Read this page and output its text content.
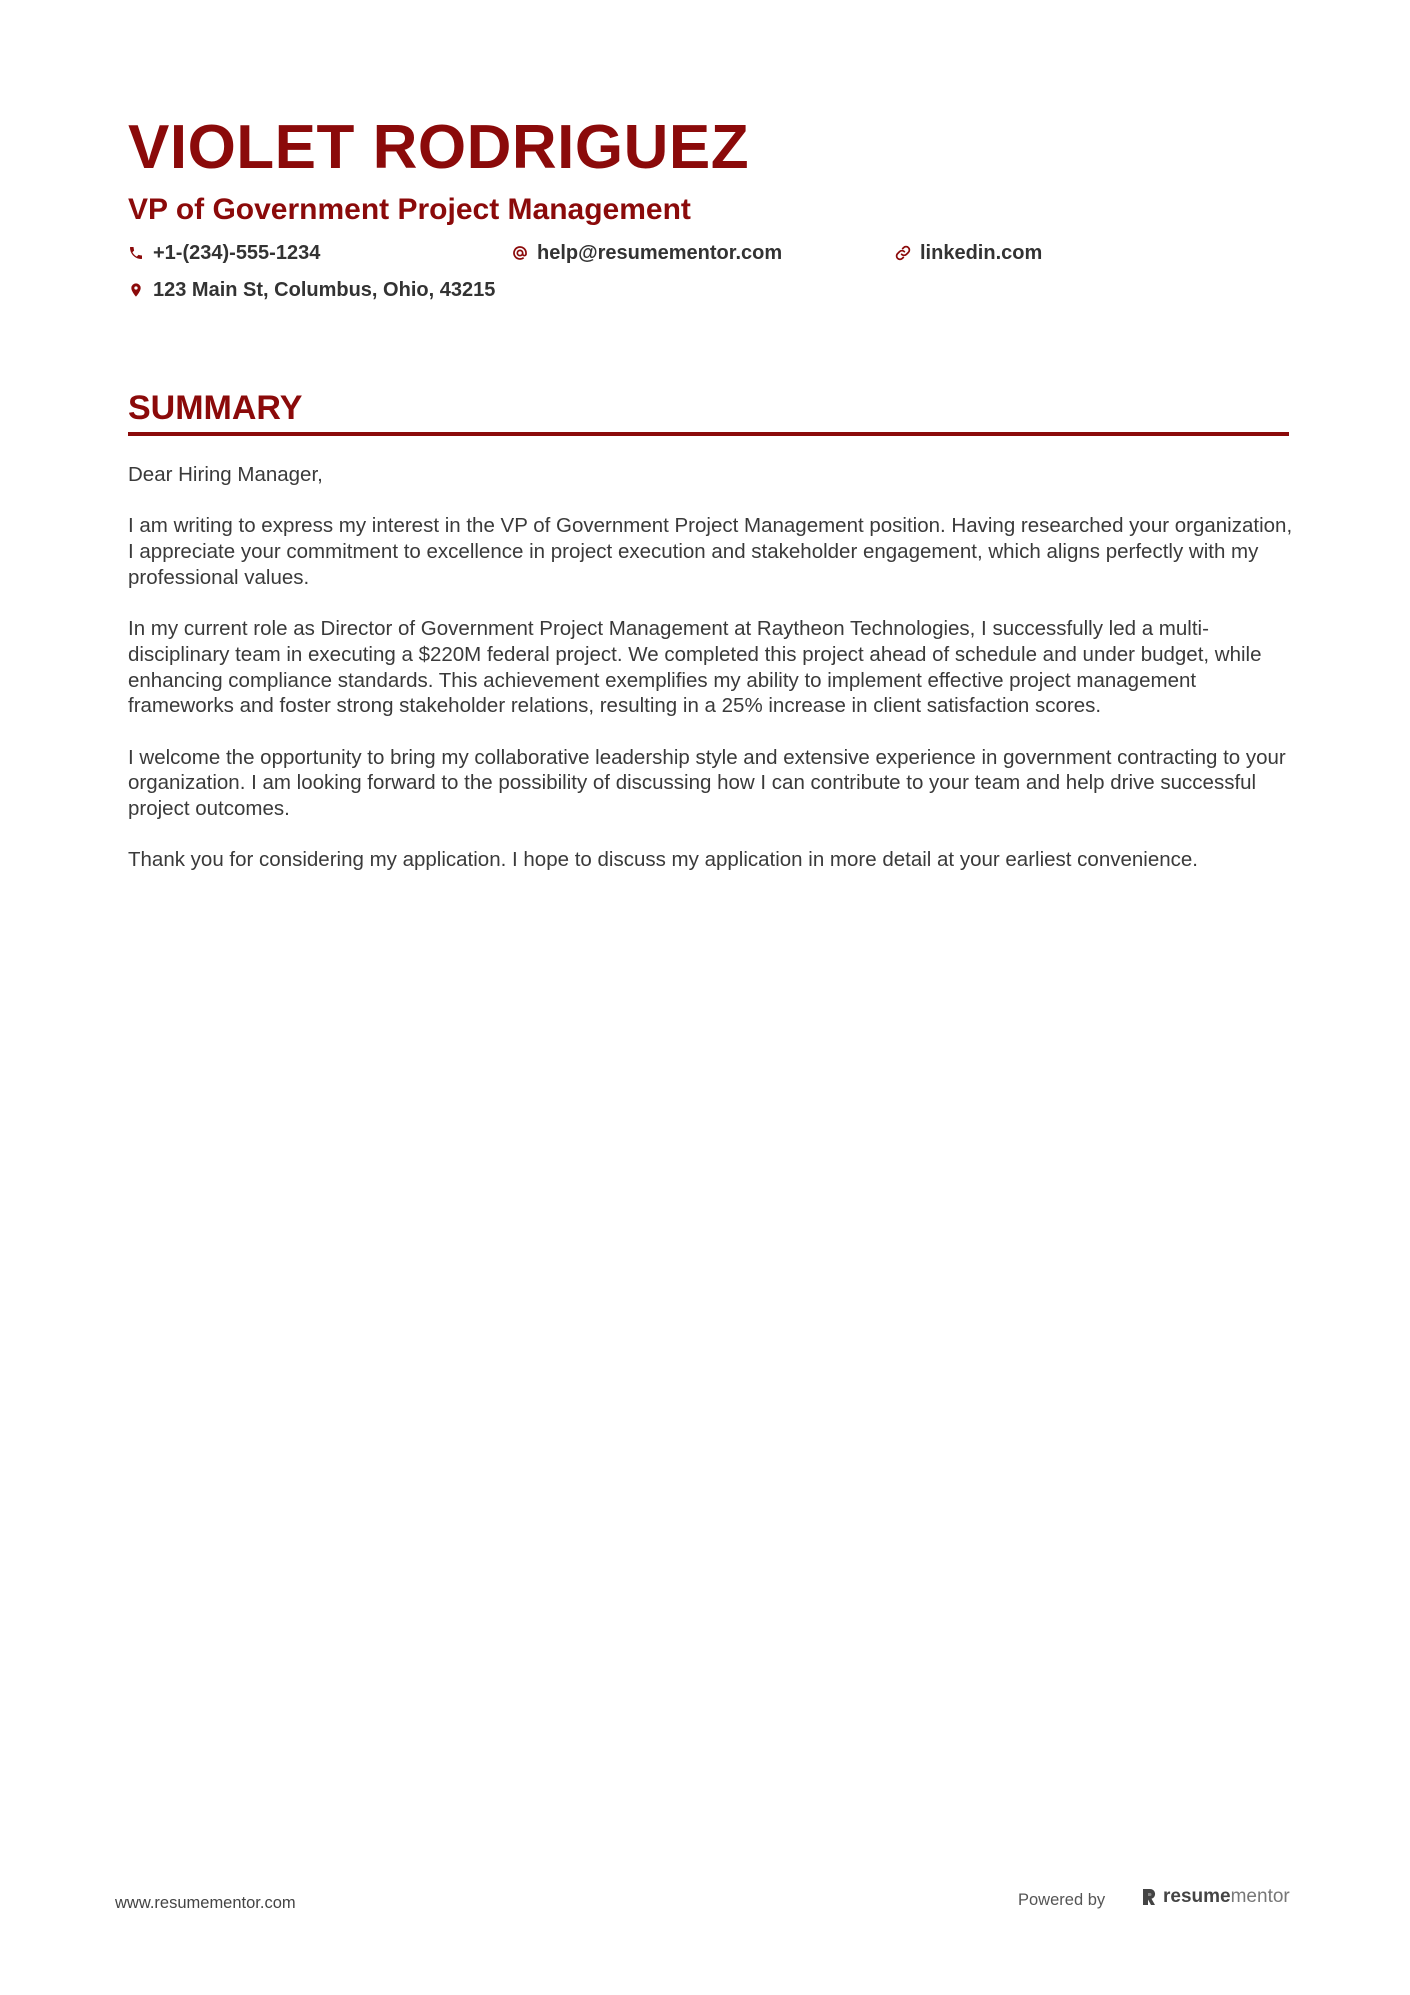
VIOLET RODRIGUEZ
VP of Government Project Management
+1-(234)-555-1234	help@resumementor.com	linkedin.com
123 Main St, Columbus, Ohio, 43215
SUMMARY

Dear Hiring Manager,

I am writing to express my interest in the VP of Government Project Management position. Having researched your organization, I appreciate your commitment to excellence in project execution and stakeholder engagement, which aligns perfectly with my professional values.

In my current role as Director of Government Project Management at Raytheon Technologies, I successfully led a multi-disciplinary team in executing a $220M federal project. We completed this project ahead of schedule and under budget, while enhancing compliance standards. This achievement exemplifies my ability to implement effective project management frameworks and foster strong stakeholder relations, resulting in a 25% increase in client satisfaction scores.

I welcome the opportunity to bring my collaborative leadership style and extensive experience in government contracting to your organization. I am looking forward to the possibility of discussing how I can contribute to your team and help drive successful project outcomes.

Thank you for considering my application. I hope to discuss my application in more detail at your earliest convenience.

www.resumementor.com	Powered by	resume mentor
